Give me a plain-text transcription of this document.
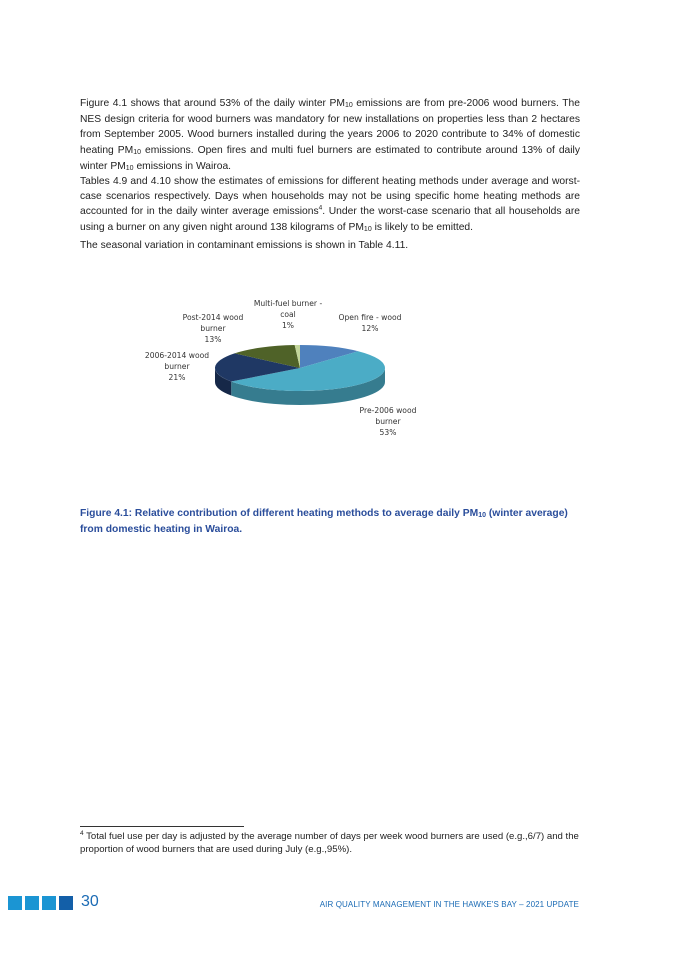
Figure 4.1 shows that around 53% of the daily winter PM10 emissions are from pre-2006 wood burners. The NES design criteria for wood burners was mandatory for new installations on properties less than 2 hectares from September 2005. Wood burners installed during the years 2006 to 2020 contribute to 34% of domestic heating PM10 emissions. Open fires and multi fuel burners are estimated to contribute around 13% of daily winter PM10 emissions in Wairoa.

Tables 4.9 and 4.10 show the estimates of emissions for different heating methods under average and worst-case scenarios respectively. Days when households may not be using specific home heating methods are accounted for in the daily winter average emissions$^4$. Under the worst-case scenario that all households are using a burner on any given night around 138 kilograms of PM10 is likely to be emitted.

The seasonal variation in contaminant emissions is shown in Table 4.11.

Open fire - wood 12%
Pre-2006 wood burner 53%
2006-2014 wood burner 21%
Post-2014 wood burner 13%
Multi-fuel burner -coal 1%

Figure 4.1: Relative contribution of different heating methods to average daily PM10 (winter average) from domestic heating in Wairoa.

$^4$ Total fuel use per day is adjusted by the average number of days per week wood burners are used (e.g.,6/7) and the proportion of wood burners that are used during July (e.g.,95%).

30	AIR QUALITY MANAGEMENT IN THE HAWKE'S BAY – 2021 UPDATE
